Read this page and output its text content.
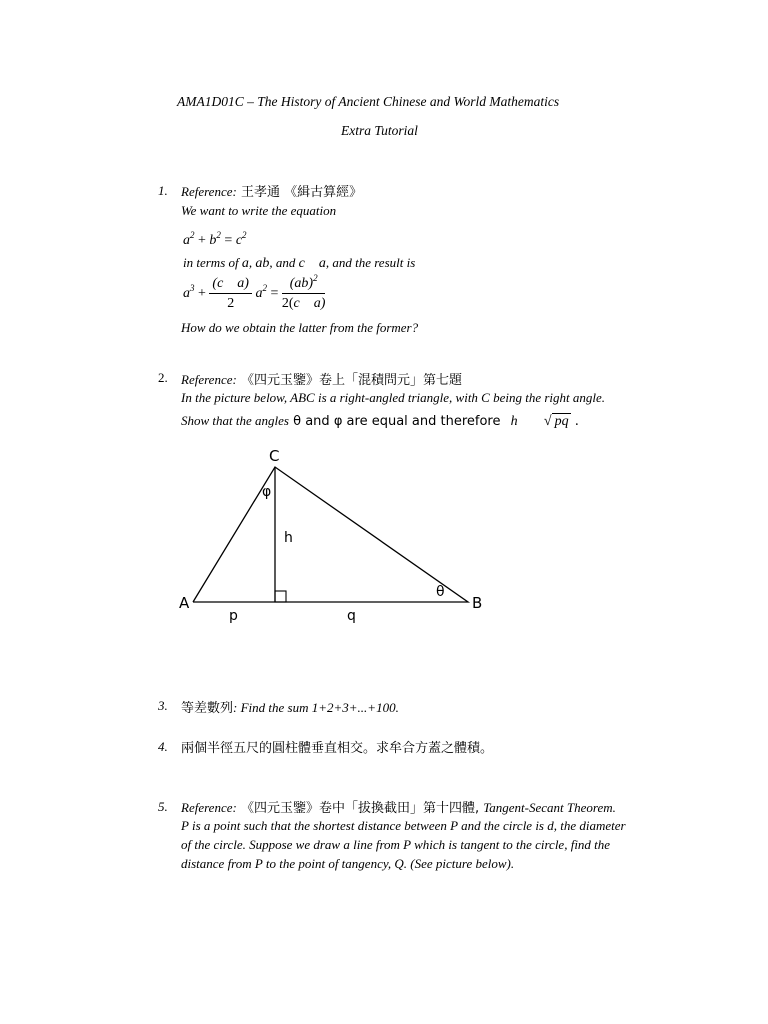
AMA1D01C – The History of Ancient Chinese and World Mathematics
Extra Tutorial
1. Reference: 王孝通 《緝古算經》
We want to write the equation
$a^2 + b^2 = c^2$
in terms of a, ab, and c a, and the result is
$a^3 + \frac{\text{(c a)}}{2} a^2 = \frac{(ab)^2}{\text{2(c a)}}$
How do we obtain the latter from the former?
2. Reference: 《四元玉鑒》卷上「混積問元」第七題
In the picture below, ABC is a right-angled triangle, with C being the right angle.
Show that the angles θ and φ are equal and therefore h √ pq .
C
A	B
φ
h
θ
p	q
3. 等差數列: Find the sum 1+2+3+...+100.
4. 兩個半徑五尺的圓柱體垂直相交。求牟合方蓋之體積。
5. Reference: 《四元玉鑒》卷中「拔換截田」第十四體, Tangent-Secant Theorem.
P is a point such that the shortest distance between P and the circle is d, the diameter
of the circle. Suppose we draw a line from P which is tangent to the circle, find the
distance from P to the point of tangency, Q. (See picture below).
